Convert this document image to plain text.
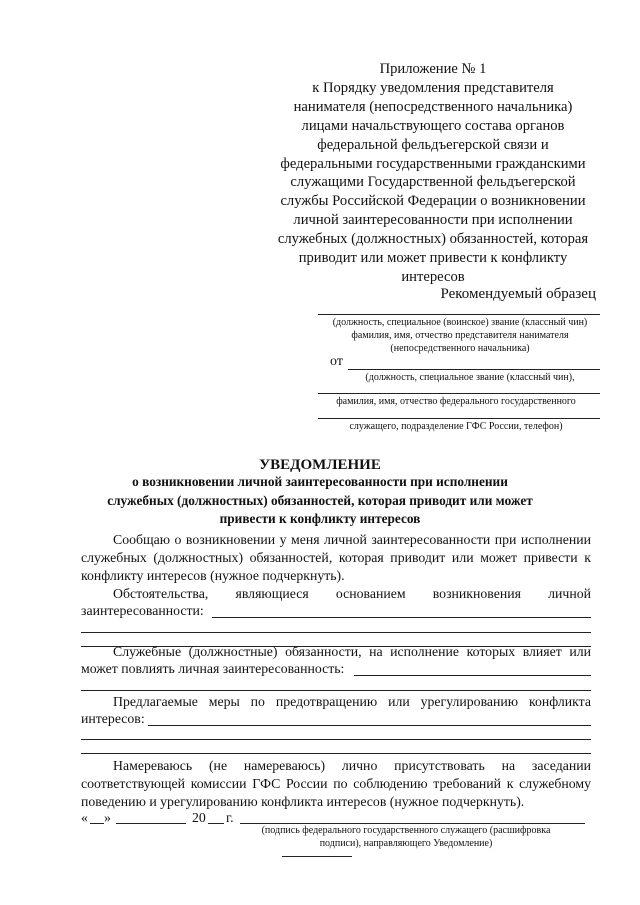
Приложение № 1
к Порядку уведомления представителя
нанимателя (непосредственного начальника)
лицами начальствующего состава органов
федеральной фельдъегерской связи и
федеральными государственными гражданскими
служащими Государственной фельдъегерской
службы Российской Федерации о возникновении
личной заинтересованности при исполнении
служебных (должностных) обязанностей, которая
приводит или может привести к конфликту
интересов
Рекомендуемый образец
(должность, специальное (воинское) звание (классный чин)
фамилия, имя, отчество представителя нанимателя
(непосредственного начальника)
от
(должность, специальное звание (классный чин),
фамилия, имя, отчество федерального государственного
служащего, подразделение ГФС России, телефон)
УВЕДОМЛЕНИЕ
о возникновении личной заинтересованности при исполнении
служебных (должностных) обязанностей, которая приводит или может
привести к конфликту интересов
Сообщаю о возникновении у меня личной заинтересованности при исполнении
служебных (должностных) обязанностей, которая приводит или может привести к
конфликту интересов (нужное подчеркнуть).
Обстоятельства, являющиеся основанием возникновения личной
заинтересованности:
Служебные (должностные) обязанности, на исполнение которых влияет или
может повлиять личная заинтересованность:
Предлагаемые меры по предотвращению или урегулированию конфликта
интересов:
Намереваюсь (не намереваюсь) лично присутствовать на заседании
соответствующей комиссии ГФС России по соблюдению требований к служебному
поведению и урегулированию конфликта интересов (нужное подчеркнуть).
« »	20 г.
(подпись федерального государственного служащего (расшифровка
подписи), направляющего Уведомление)
